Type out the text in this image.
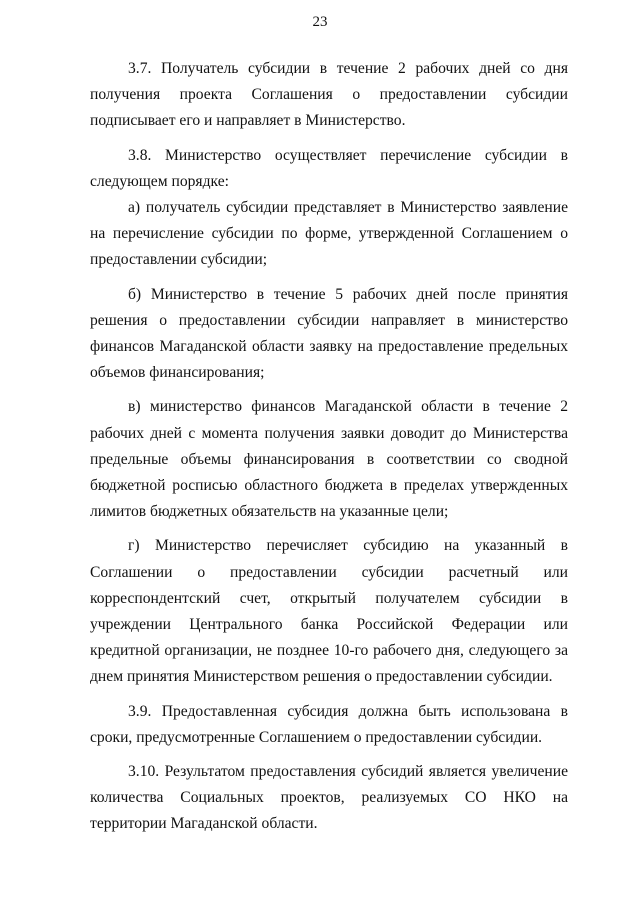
23

3.7. Получатель субсидии в течение 2 рабочих дней со дня получения проекта Соглашения о предоставлении субсидии подписывает его и направляет в Министерство.

3.8. Министерство осуществляет перечисление субсидии в следующем порядке:

а) получатель субсидии представляет в Министерство заявление на перечисление субсидии по форме, утвержденной Соглашением о предоставлении субсидии;

б) Министерство в течение 5 рабочих дней после принятия решения о предоставлении субсидии направляет в министерство финансов Магаданской области заявку на предоставление предельных объемов финансирования;

в) министерство финансов Магаданской области в течение 2 рабочих дней с момента получения заявки доводит до Министерства предельные объемы финансирования в соответствии со сводной бюджетной росписью областного бюджета в пределах утвержденных лимитов бюджетных обязательств на указанные цели;

г) Министерство перечисляет субсидию на указанный в Соглашении о предоставлении субсидии расчетный или корреспондентский счет, открытый получателем субсидии в учреждении Центрального банка Российской Федерации или кредитной организации, не позднее 10-го рабочего дня, следующего за днем принятия Министерством решения о предоставлении субсидии.

3.9. Предоставленная субсидия должна быть использована в сроки, предусмотренные Соглашением о предоставлении субсидии.

3.10. Результатом предоставления субсидий является увеличение количества Социальных проектов, реализуемых СО НКО на территории Магаданской области.
